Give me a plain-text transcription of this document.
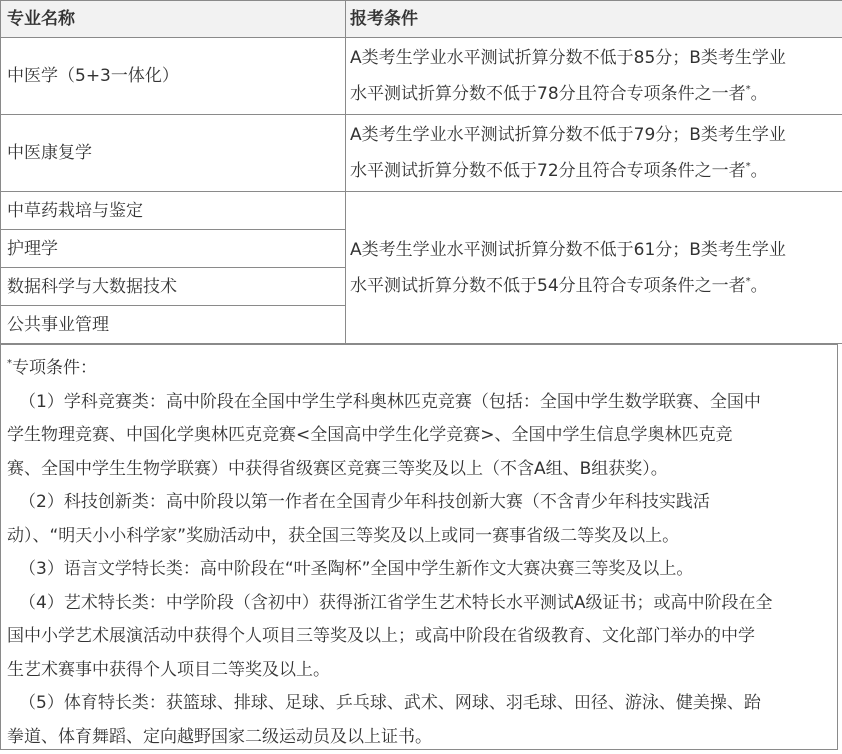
专业名称	报考条件
中医学（5+3一体化）	A类考生学业水平测试折算分数不低于85分；B类考生学业
水平测试折算分数不低于78分且符合专项条件之一者*。

中医康复学	A类考生学业水平测试折算分数不低于79分；B类考生学业
水平测试折算分数不低于72分且符合专项条件之一者*。

中草药栽培与鉴定	A类考生学业水平测试折算分数不低于61分；B类考生学业
水平测试折算分数不低于54分且符合专项条件之一者*。

护理学	
数据科学与大数据技术	
公共事业管理	

*专项条件：

（1）学科竞赛类：高中阶段在全国中学生学科奥林匹克竞赛（包括：全国中学生数学联赛、全国中

学生物理竞赛、中国化学奥林匹克竞赛<全国高中学生化学竞赛>、全国中学生信息学奥林匹克竞

赛、全国中学生生物学联赛）中获得省级赛区竞赛三等奖及以上（不含A组、B组获奖）。

（2）科技创新类：高中阶段以第一作者在全国青少年科技创新大赛（不含青少年科技实践活

动）、“明天小小科学家”奖励活动中，获全国三等奖及以上或同一赛事省级二等奖及以上。

（3）语言文学特长类：高中阶段在“叶圣陶杯”全国中学生新作文大赛决赛三等奖及以上。

（4）艺术特长类：中学阶段（含初中）获得浙江省学生艺术特长水平测试A级证书；或高中阶段在全

国中小学艺术展演活动中获得个人项目三等奖及以上；或高中阶段在省级教育、文化部门举办的中学

生艺术赛事中获得个人项目二等奖及以上。

（5）体育特长类：获篮球、排球、足球、乒乓球、武术、网球、羽毛球、田径、游泳、健美操、跆

拳道、体育舞蹈、定向越野国家二级运动员及以上证书。
